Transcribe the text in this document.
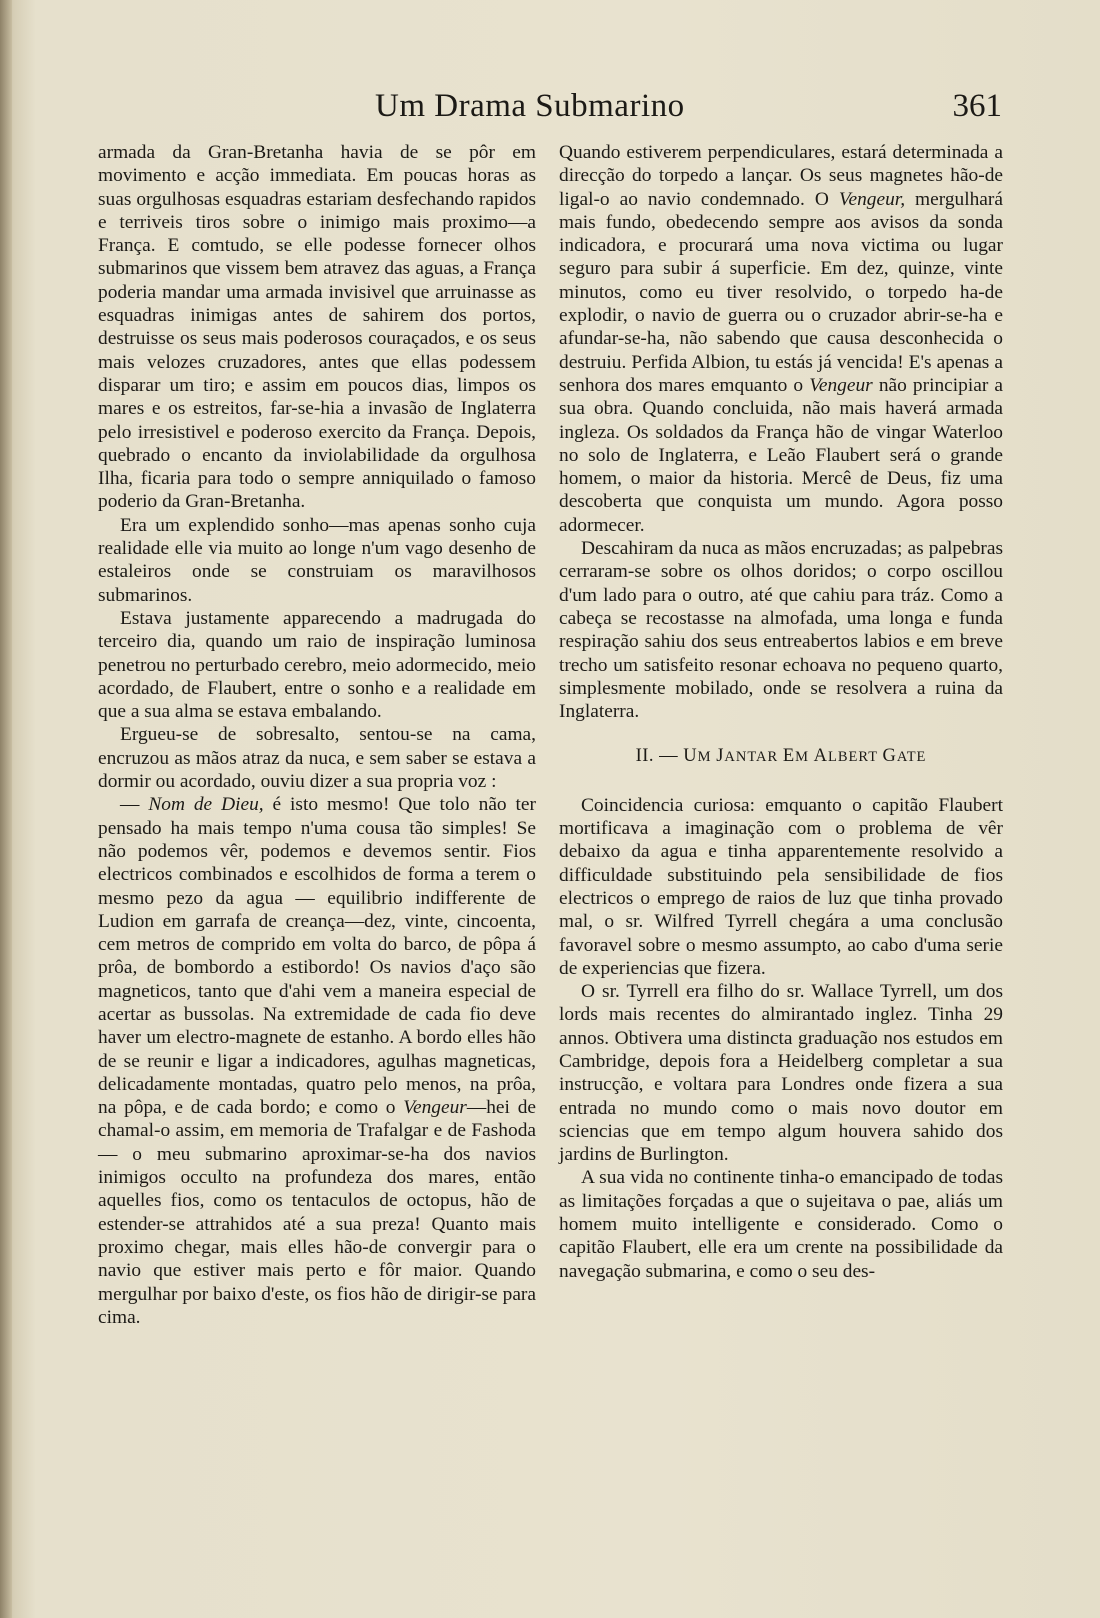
Um Drama Submarino	361

armada da Gran-Bretanha havia de se pôr em movimento e acção immediata. Em poucas horas as suas orgulhosas esquadras estariam desfechando rapidos e terriveis tiros sobre o inimigo mais proximo—a França. E comtudo, se elle podesse fornecer olhos submarinos que vissem bem atravez das aguas, a França poderia mandar uma armada invisivel que arruinasse as esquadras inimigas antes de sahirem dos portos, destruisse os seus mais poderosos couraçados, e os seus mais velozes cruzadores, antes que ellas podessem disparar um tiro; e assim em poucos dias, limpos os mares e os estreitos, far-se-hia a invasão de Inglaterra pelo irresistivel e poderoso exercito da França. Depois, quebrado o encanto da inviolabilidade da orgulhosa Ilha, ficaria para todo o sempre anniquilado o famoso poderio da Gran-Bretanha.

Era um explendido sonho—mas apenas sonho cuja realidade elle via muito ao longe n'um vago desenho de estaleiros onde se construiam os maravilhosos submarinos.

Estava justamente apparecendo a madrugada do terceiro dia, quando um raio de inspiração luminosa penetrou no perturbado cerebro, meio adormecido, meio acordado, de Flaubert, entre o sonho e a realidade em que a sua alma se estava embalando.

Ergueu-se de sobresalto, sentou-se na cama, encruzou as mãos atraz da nuca, e sem saber se estava a dormir ou acordado, ouviu dizer a sua propria voz :

— Nom de Dieu, é isto mesmo! Que tolo não ter pensado ha mais tempo n'uma cousa tão simples! Se não podemos vêr, podemos e devemos sentir. Fios electricos combinados e escolhidos de forma a terem o mesmo pezo da agua — equilibrio indifferente de Ludion em garrafa de creança—dez, vinte, cincoenta, cem metros de comprido em volta do barco, de pôpa á prôa, de bombordo a estibordo! Os navios d'aço são magneticos, tanto que d'ahi vem a maneira especial de acertar as bussolas. Na extremidade de cada fio deve haver um electro-magnete de estanho. A bordo elles hão de se reunir e ligar a indicadores, agulhas magneticas, delicadamente montadas, quatro pelo menos, na prôa, na pôpa, e de cada bordo; e como o Vengeur—hei de chamal-o assim, em memoria de Trafalgar e de Fashoda — o meu submarino aproximar-se-ha dos navios inimigos occulto na profundeza dos mares, então aquelles fios, como os tentaculos de octopus, hão de estender-se attrahidos até a sua preza! Quanto mais proximo chegar, mais elles hão-de convergir para o navio que estiver mais perto e fôr maior. Quando mergulhar por baixo d'este, os fios hão de dirigir-se para cima.

Quando estiverem perpendiculares, estará determinada a direcção do torpedo a lançar. Os seus magnetes hão-de ligal-o ao navio condemnado. O Vengeur, mergulhará mais fundo, obedecendo sempre aos avisos da sonda indicadora, e procurará uma nova victima ou lugar seguro para subir á superficie. Em dez, quinze, vinte minutos, como eu tiver resolvido, o torpedo ha-de explodir, o navio de guerra ou o cruzador abrir-se-ha e afundar-se-ha, não sabendo que causa desconhecida o destruiu. Perfida Albion, tu estás já vencida! E's apenas a senhora dos mares emquanto o Vengeur não principiar a sua obra. Quando concluida, não mais haverá armada ingleza. Os soldados da França hão de vingar Waterloo no solo de Inglaterra, e Leão Flaubert será o grande homem, o maior da historia. Mercê de Deus, fiz uma descoberta que conquista um mundo. Agora posso adormecer.

Descahiram da nuca as mãos encruzadas; as palpebras cerraram-se sobre os olhos doridos; o corpo oscillou d'um lado para o outro, até que cahiu para tráz. Como a cabeça se recostasse na almofada, uma longa e funda respiração sahiu dos seus entreabertos labios e em breve trecho um satisfeito resonar echoava no pequeno quarto, simplesmente mobilado, onde se resolvera a ruina da Inglaterra.

II. — UM JANTAR EM ALBERT GATE

Coincidencia curiosa: emquanto o capitão Flaubert mortificava a imaginação com o problema de vêr debaixo da agua e tinha apparentemente resolvido a difficuldade substituindo pela sensibilidade de fios electricos o emprego de raios de luz que tinha provado mal, o sr. Wilfred Tyrrell chegára a uma conclusão favoravel sobre o mesmo assumpto, ao cabo d'uma serie de experiencias que fizera.

O sr. Tyrrell era filho do sr. Wallace Tyrrell, um dos lords mais recentes do almirantado inglez. Tinha 29 annos. Obtivera uma distincta graduação nos estudos em Cambridge, depois fora a Heidelberg completar a sua instrucção, e voltara para Londres onde fizera a sua entrada no mundo como o mais novo doutor em sciencias que em tempo algum houvera sahido dos jardins de Burlington.

A sua vida no continente tinha-o emancipado de todas as limitações forçadas a que o sujeitava o pae, aliás um homem muito intelligente e considerado. Como o capitão Flaubert, elle era um crente na possibilidade da navegação submarina, e como o seu des-
